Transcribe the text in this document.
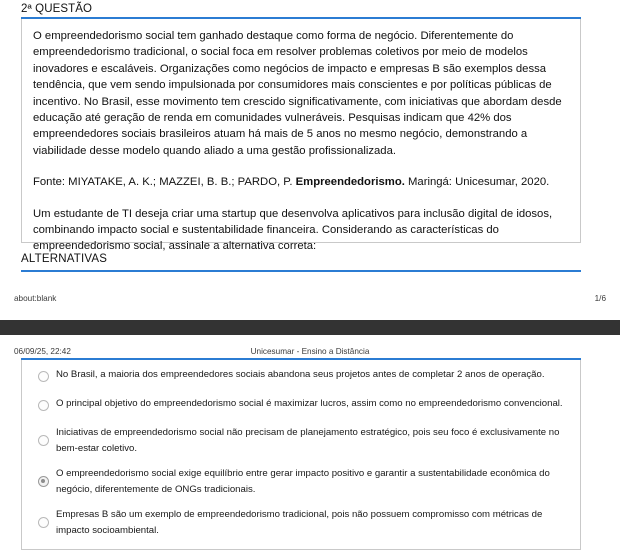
2ª QUESTÃO

O empreendedorismo social tem ganhado destaque como forma de negócio. Diferentemente do empreendedorismo tradicional, o social foca em resolver problemas coletivos por meio de modelos inovadores e escaláveis. Organizações como negócios de impacto e empresas B são exemplos dessa tendência, que vem sendo impulsionada por consumidores mais conscientes e por políticas públicas de incentivo. No Brasil, esse movimento tem crescido significativamente, com iniciativas que abordam desde educação até geração de renda em comunidades vulneráveis. Pesquisas indicam que 42% dos empreendedores sociais brasileiros atuam há mais de 5 anos no mesmo negócio, demonstrando a viabilidade desse modelo quando aliado a uma gestão profissionalizada.

Fonte: MIYATAKE, A. K.; MAZZEI, B. B.; PARDO, P. Empreendedorismo. Maringá: Unicesumar, 2020.

Um estudante de TI deseja criar uma startup que desenvolva aplicativos para inclusão digital de idosos, combinando impacto social e sustentabilidade financeira. Considerando as características do empreendedorismo social, assinale a alternativa correta:

ALTERNATIVAS
about:blank	1/6
06/09/25, 22:42	Unicesumar - Ensino a Distância
No Brasil, a maioria dos empreendedores sociais abandona seus projetos antes de completar 2 anos de operação.
O principal objetivo do empreendedorismo social é maximizar lucros, assim como no empreendedorismo convencional.
Iniciativas de empreendedorismo social não precisam de planejamento estratégico, pois seu foco é exclusivamente no bem-estar coletivo.
O empreendedorismo social exige equilíbrio entre gerar impacto positivo e garantir a sustentabilidade econômica do negócio, diferentemente de ONGs tradicionais.
Empresas B são um exemplo de empreendedorismo tradicional, pois não possuem compromisso com métricas de impacto socioambiental.
